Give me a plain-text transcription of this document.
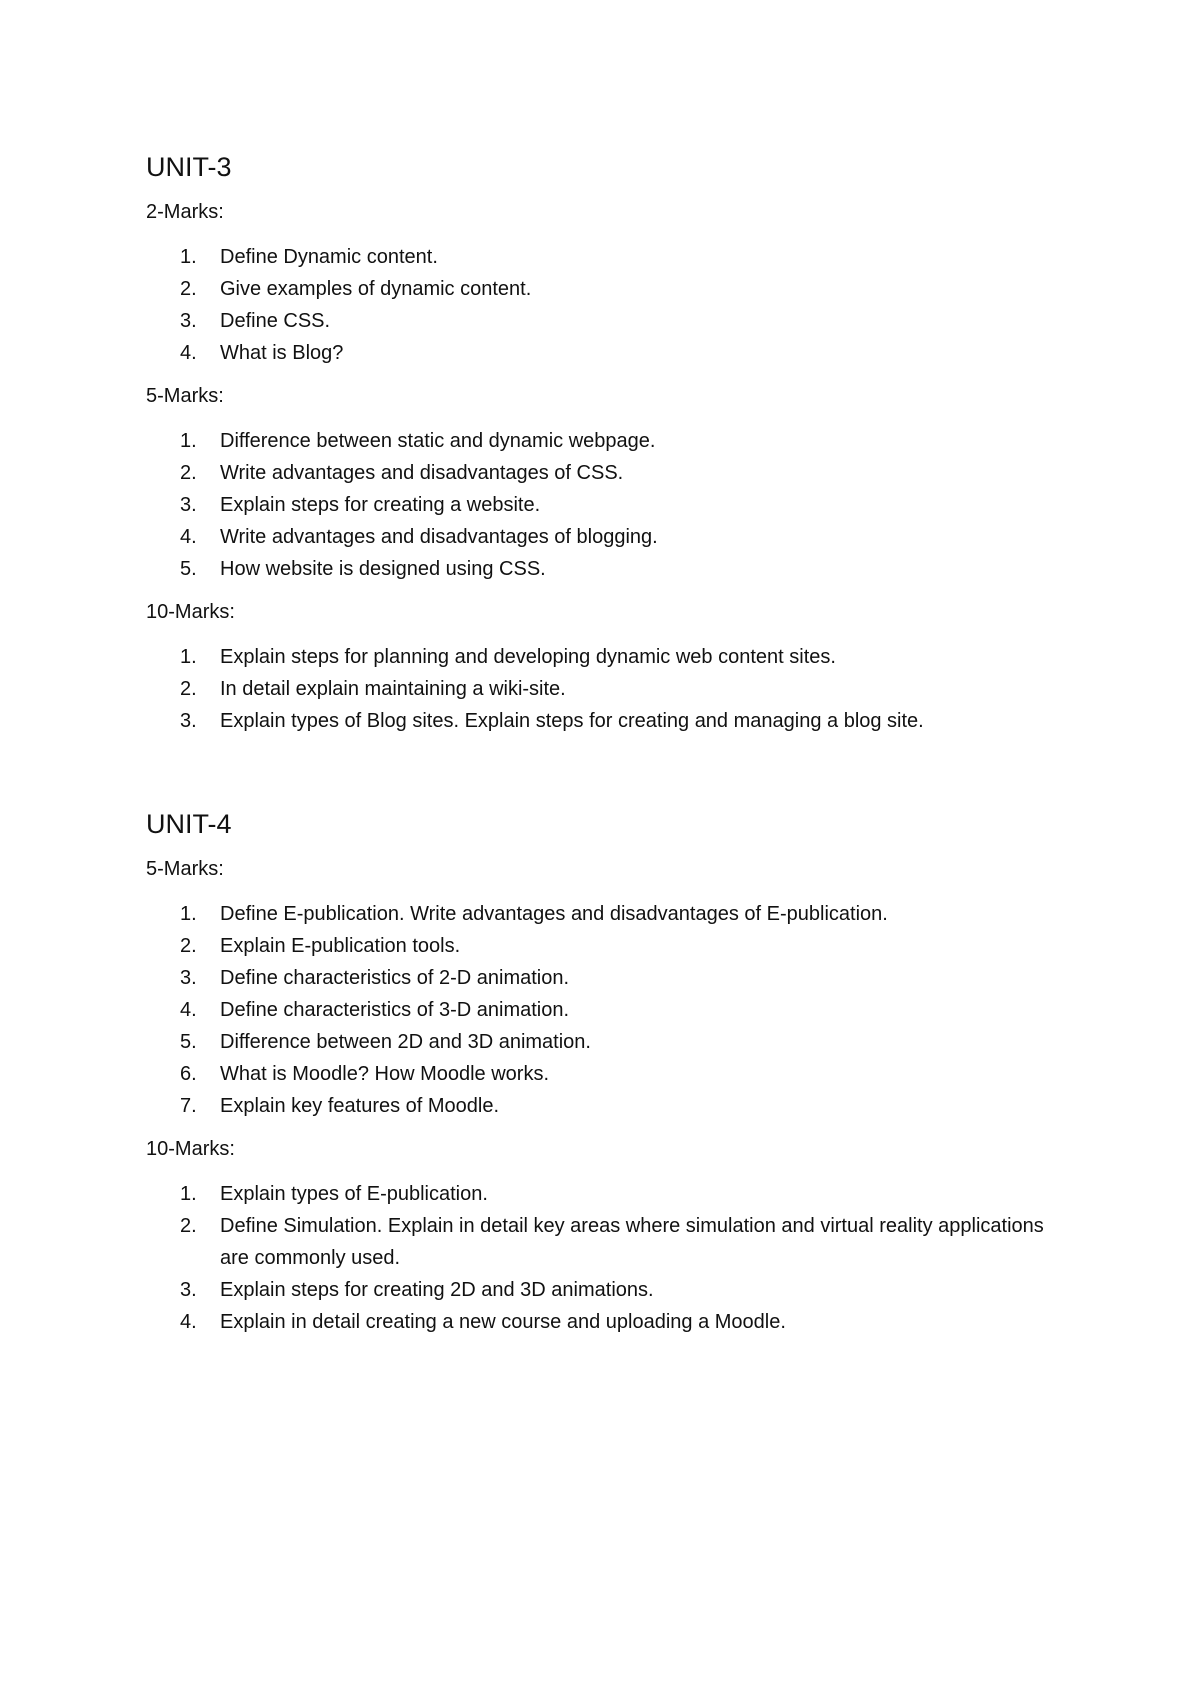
UNIT-3

2-Marks:

1.	Define Dynamic content.
2.	Give examples of dynamic content.
3.	Define CSS.
4.	What is Blog?

5-Marks:

1.	Difference between static and dynamic webpage.
2.	Write advantages and disadvantages of CSS.
3.	Explain steps for creating a website.
4.	Write advantages and disadvantages of blogging.
5.	How website is designed using CSS.

10-Marks:

1.	Explain steps for planning and developing dynamic web content sites.
2.	In detail explain maintaining a wiki-site.
3.	Explain types of Blog sites. Explain steps for creating and managing a blog site.
UNIT-4

5-Marks:

1.	Define E-publication. Write advantages and disadvantages of E-publication.
2.	Explain E-publication tools.
3.	Define characteristics of 2-D animation.
4.	Define characteristics of 3-D animation.
5.	Difference between 2D and 3D animation.
6.	What is Moodle? How Moodle works.
7.	Explain key features of Moodle.

10-Marks:

1.	Explain types of E-publication.
2.	Define Simulation. Explain in detail key areas where simulation and virtual reality applications are commonly used.
3.	Explain steps for creating 2D and 3D animations.
4.	Explain in detail creating a new course and uploading a Moodle.
